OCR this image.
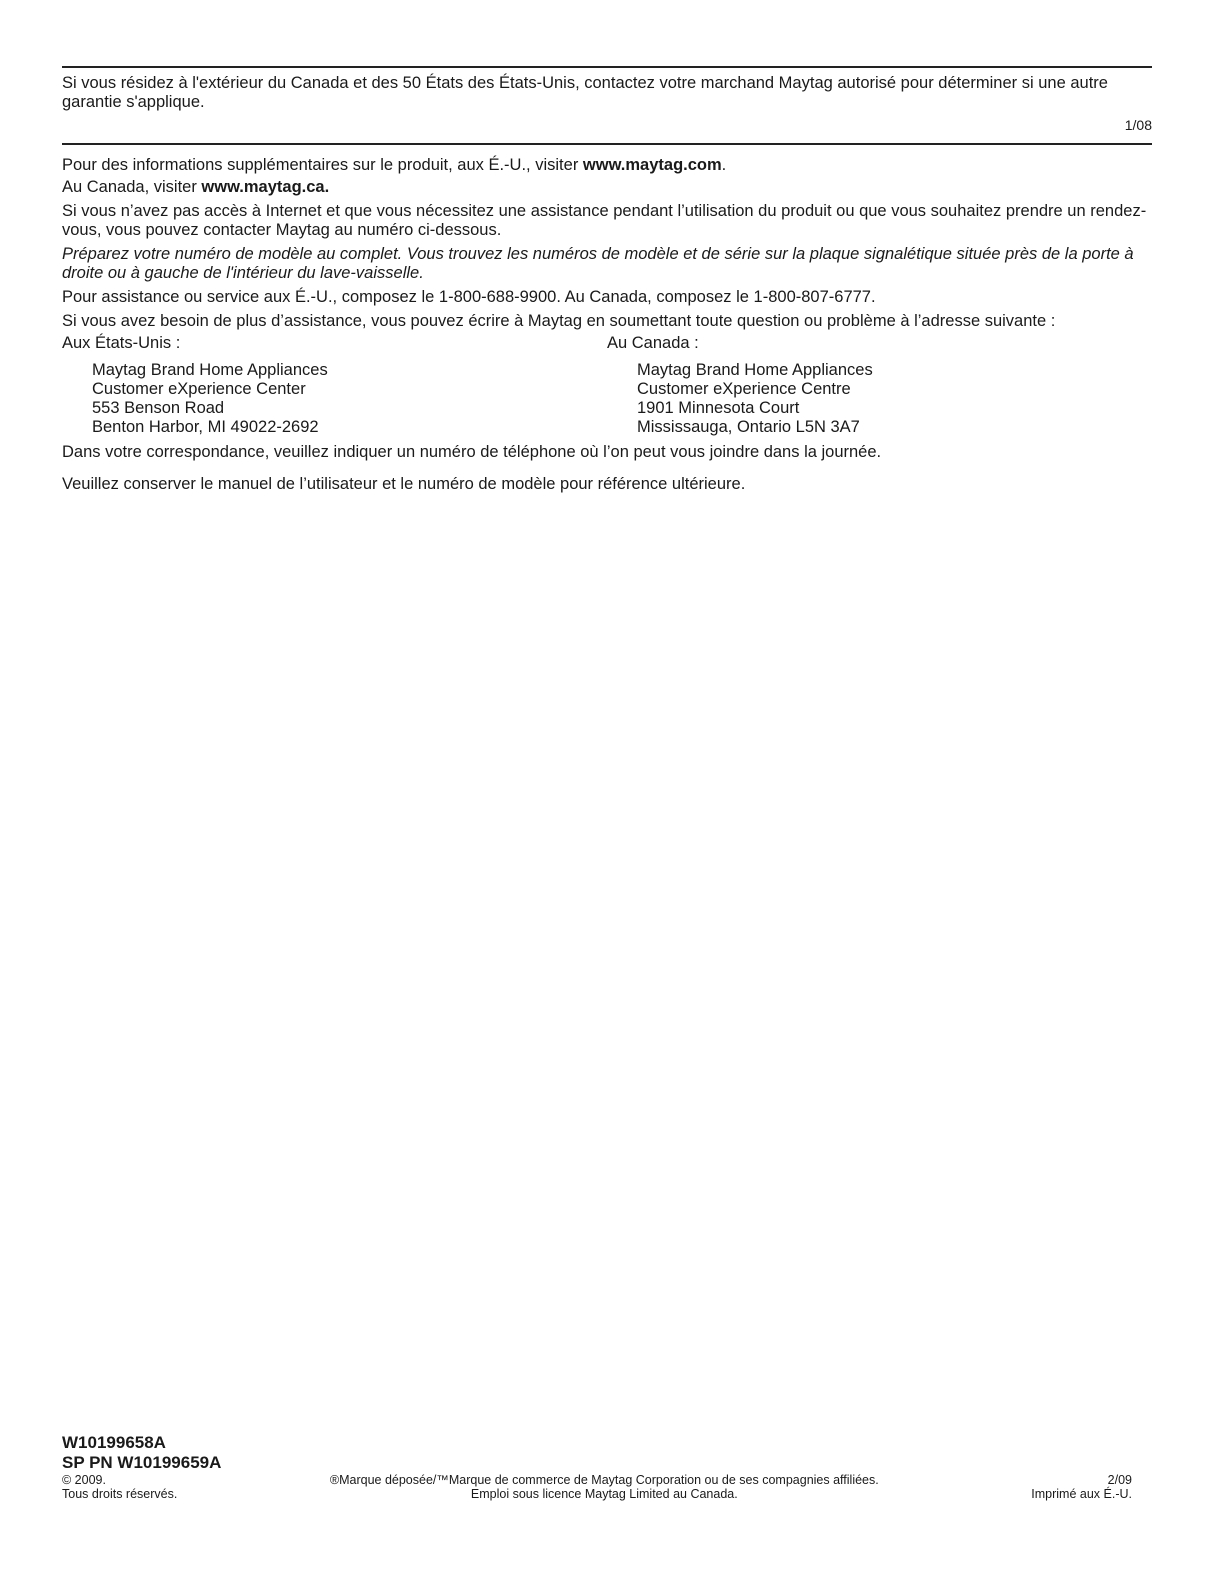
Si vous résidez à l'extérieur du Canada et des 50 États des États-Unis, contactez votre marchand Maytag autorisé pour déterminer si une autre garantie s'applique.

1/08

Pour des informations supplémentaires sur le produit, aux É.-U., visiter www.maytag.com.

Au Canada, visiter www.maytag.ca.

Si vous n’avez pas accès à Internet et que vous nécessitez une assistance pendant l’utilisation du produit ou que vous souhaitez prendre un rendez-vous, vous pouvez contacter Maytag au numéro ci-dessous.

Préparez votre numéro de modèle au complet. Vous trouvez les numéros de modèle et de série sur la plaque signalétique située près de la porte à droite ou à gauche de l'intérieur du lave-vaisselle.

Pour assistance ou service aux É.-U., composez le 1-800-688-9900. Au Canada, composez le 1-800-807-6777.

Si vous avez besoin de plus d’assistance, vous pouvez écrire à Maytag en soumettant toute question ou problème à l’adresse suivante :

Aux États-Unis :
Maytag Brand Home Appliances
Customer eXperience Center
553 Benson Road
Benton Harbor, MI 49022-2692
Au Canada :
Maytag Brand Home Appliances
Customer eXperience Centre
1901 Minnesota Court
Mississauga, Ontario L5N 3A7

Dans votre correspondance, veuillez indiquer un numéro de téléphone où l’on peut vous joindre dans la journée.

Veuillez conserver le manuel de l’utilisateur et le numéro de modèle pour référence ultérieure.

W10199658A
SP PN W10199659A
© 2009.
Tous droits réservés.
®Marque déposée/™Marque de commerce de Maytag Corporation ou de ses compagnies affiliées.
Emploi sous licence Maytag Limited au Canada.
2/09
Imprimé aux É.-U.
